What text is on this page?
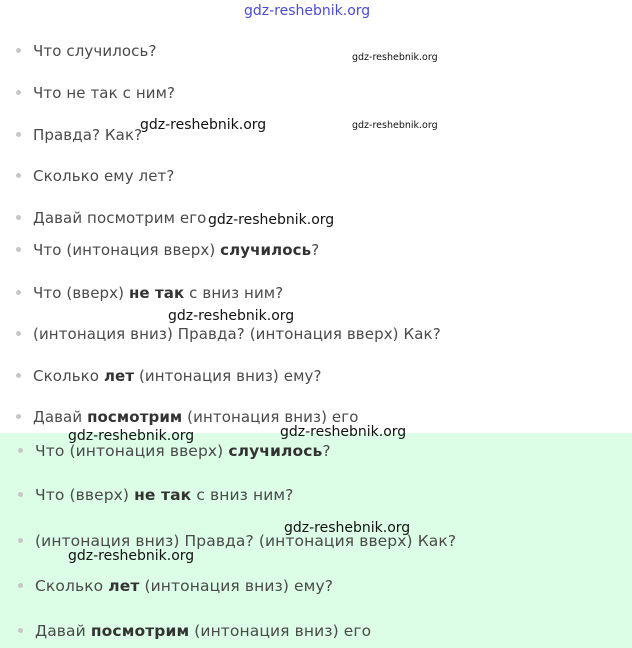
Что случилось?
Что не так с ним?
Правда? Как?
Сколько ему лет?
Давай посмотрим его
Что (интонация вверх) случилось?
Что (вверх) не так с вниз ним?
(интонация вниз) Правда? (интонация вверх) Как?
Сколько лет (интонация вниз) ему?
Давай посмотрим (интонация вниз) его
Что (интонация вверх) случилось?
Что (вверх) не так с вниз ним?
(интонация вниз) Правда? (интонация вверх) Как?
Сколько лет (интонация вниз) ему?
Давай посмотрим (интонация вниз) его
gdz-reshebnik.org
gdz-reshebnik.org
gdz-reshebnik.org
gdz-reshebnik.org
gdz-reshebnik.org
gdz-reshebnik.org
gdz-reshebnik.org	gdz-reshebnik.org
gdz-reshebnik.org
gdz-reshebnik.org
